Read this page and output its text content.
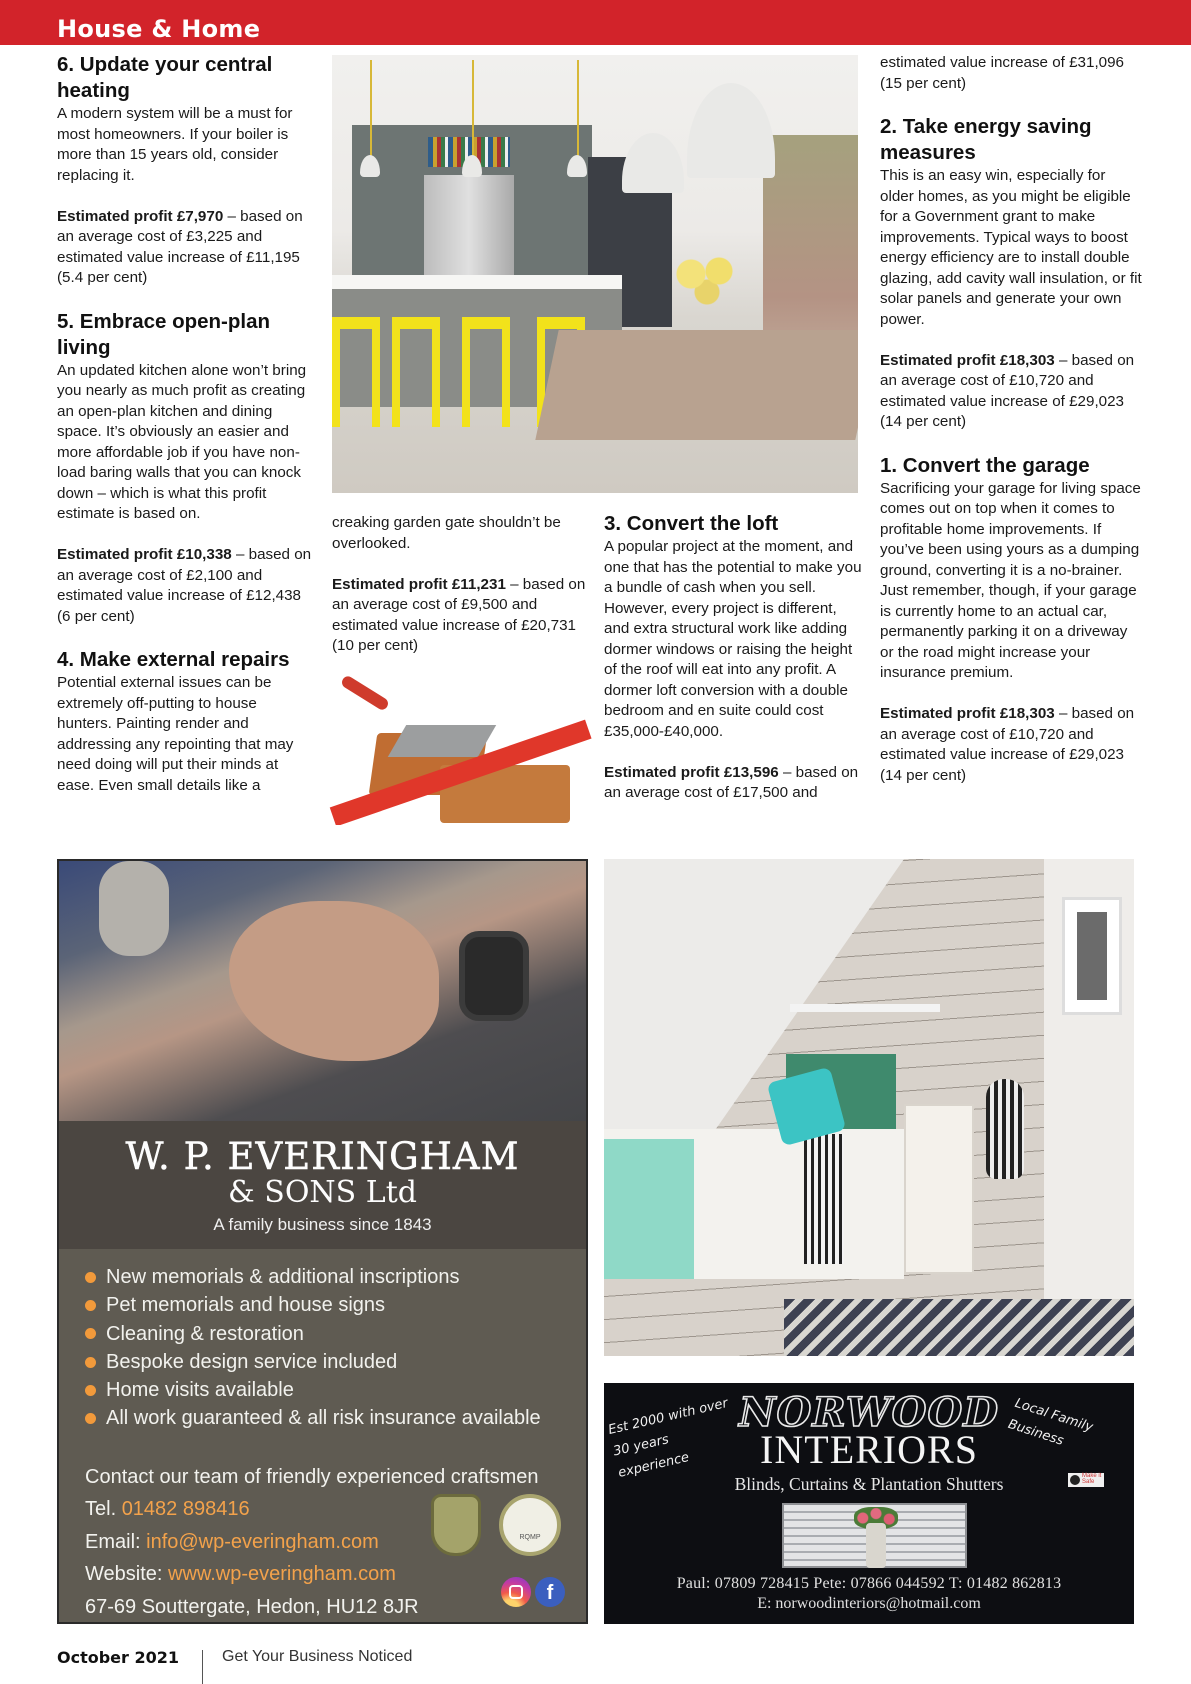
House & Home
6. Update your central heating

A modern system will be a must for most homeowners. If your boiler is more than 15 years old, consider replacing it.

Estimated profit £7,970 – based on an average cost of £3,225 and estimated value increase of £11,195 (5.4 per cent)

5. Embrace open-plan living

An updated kitchen alone won’t bring you nearly as much profit as creating an open-plan kitchen and dining space. It’s obviously an easier and more affordable job if you have non-load baring walls that you can knock down – which is what this profit estimate is based on.

Estimated profit £10,338 – based on an average cost of £2,100 and estimated value increase of £12,438 (6 per cent)

4. Make external repairs

Potential external issues can be extremely off-putting to house hunters. Painting render and addressing any repointing that may need doing will put their minds at ease. Even small details like a

creaking garden gate shouldn’t be overlooked.

Estimated profit £11,231 – based on an average cost of £9,500 and estimated value increase of £20,731 (10 per cent)

3. Convert the loft

A popular project at the moment, and one that has the potential to make you a bundle of cash when you sell. However, every project is different, and extra structural work like adding dormer windows or raising the height of the roof will eat into any profit. A dormer loft conversion with a double bedroom and en suite could cost £35,000-£40,000.

Estimated profit £13,596 – based on an average cost of £17,500 and

estimated value increase of £31,096 (15 per cent)

2. Take energy saving measures

This is an easy win, especially for older homes, as you might be eligible for a Government grant to make improvements. Typical ways to boost energy efficiency are to install double glazing, add cavity wall insulation, or fit solar panels and generate your own power.

Estimated profit £18,303 – based on an average cost of £10,720 and estimated value increase of £29,023 (14 per cent)

1. Convert the garage

Sacrificing your garage for living space comes out on top when it comes to profitable home improvements. If you’ve been using yours as a dumping ground, converting it is a no-brainer. Just remember, though, if your garage is currently home to an actual car, permanently parking it on a driveway or the road might increase your insurance premium.

Estimated profit £18,303 – based on an average cost of £10,720 and estimated value increase of £29,023 (14 per cent)

W. P. EVERINGHAM
& SONS Ltd
A family business since 1843
New memorials & additional inscriptions
Pet memorials and house signs
Cleaning & restoration
Bespoke design service included
Home visits available
All work guaranteed & all risk insurance available
Contact our team of friendly experienced craftsmen
Tel. 01482 898416
Email: info@wp-everingham.com
Website: www.wp-everingham.com
67-69 Souttergate, Hedon, HU12 8JR
RQMP
f
Est 2000 with over 30 years experience
Local Family Business
NORWOOD
INTERIORS
Blinds, Curtains & Plantation Shutters	Make it Safe
Paul: 07809 728415 Pete: 07866 044592 T: 01482 862813
E: norwoodinteriors@hotmail.com
October 2021	Get Your Business Noticed
